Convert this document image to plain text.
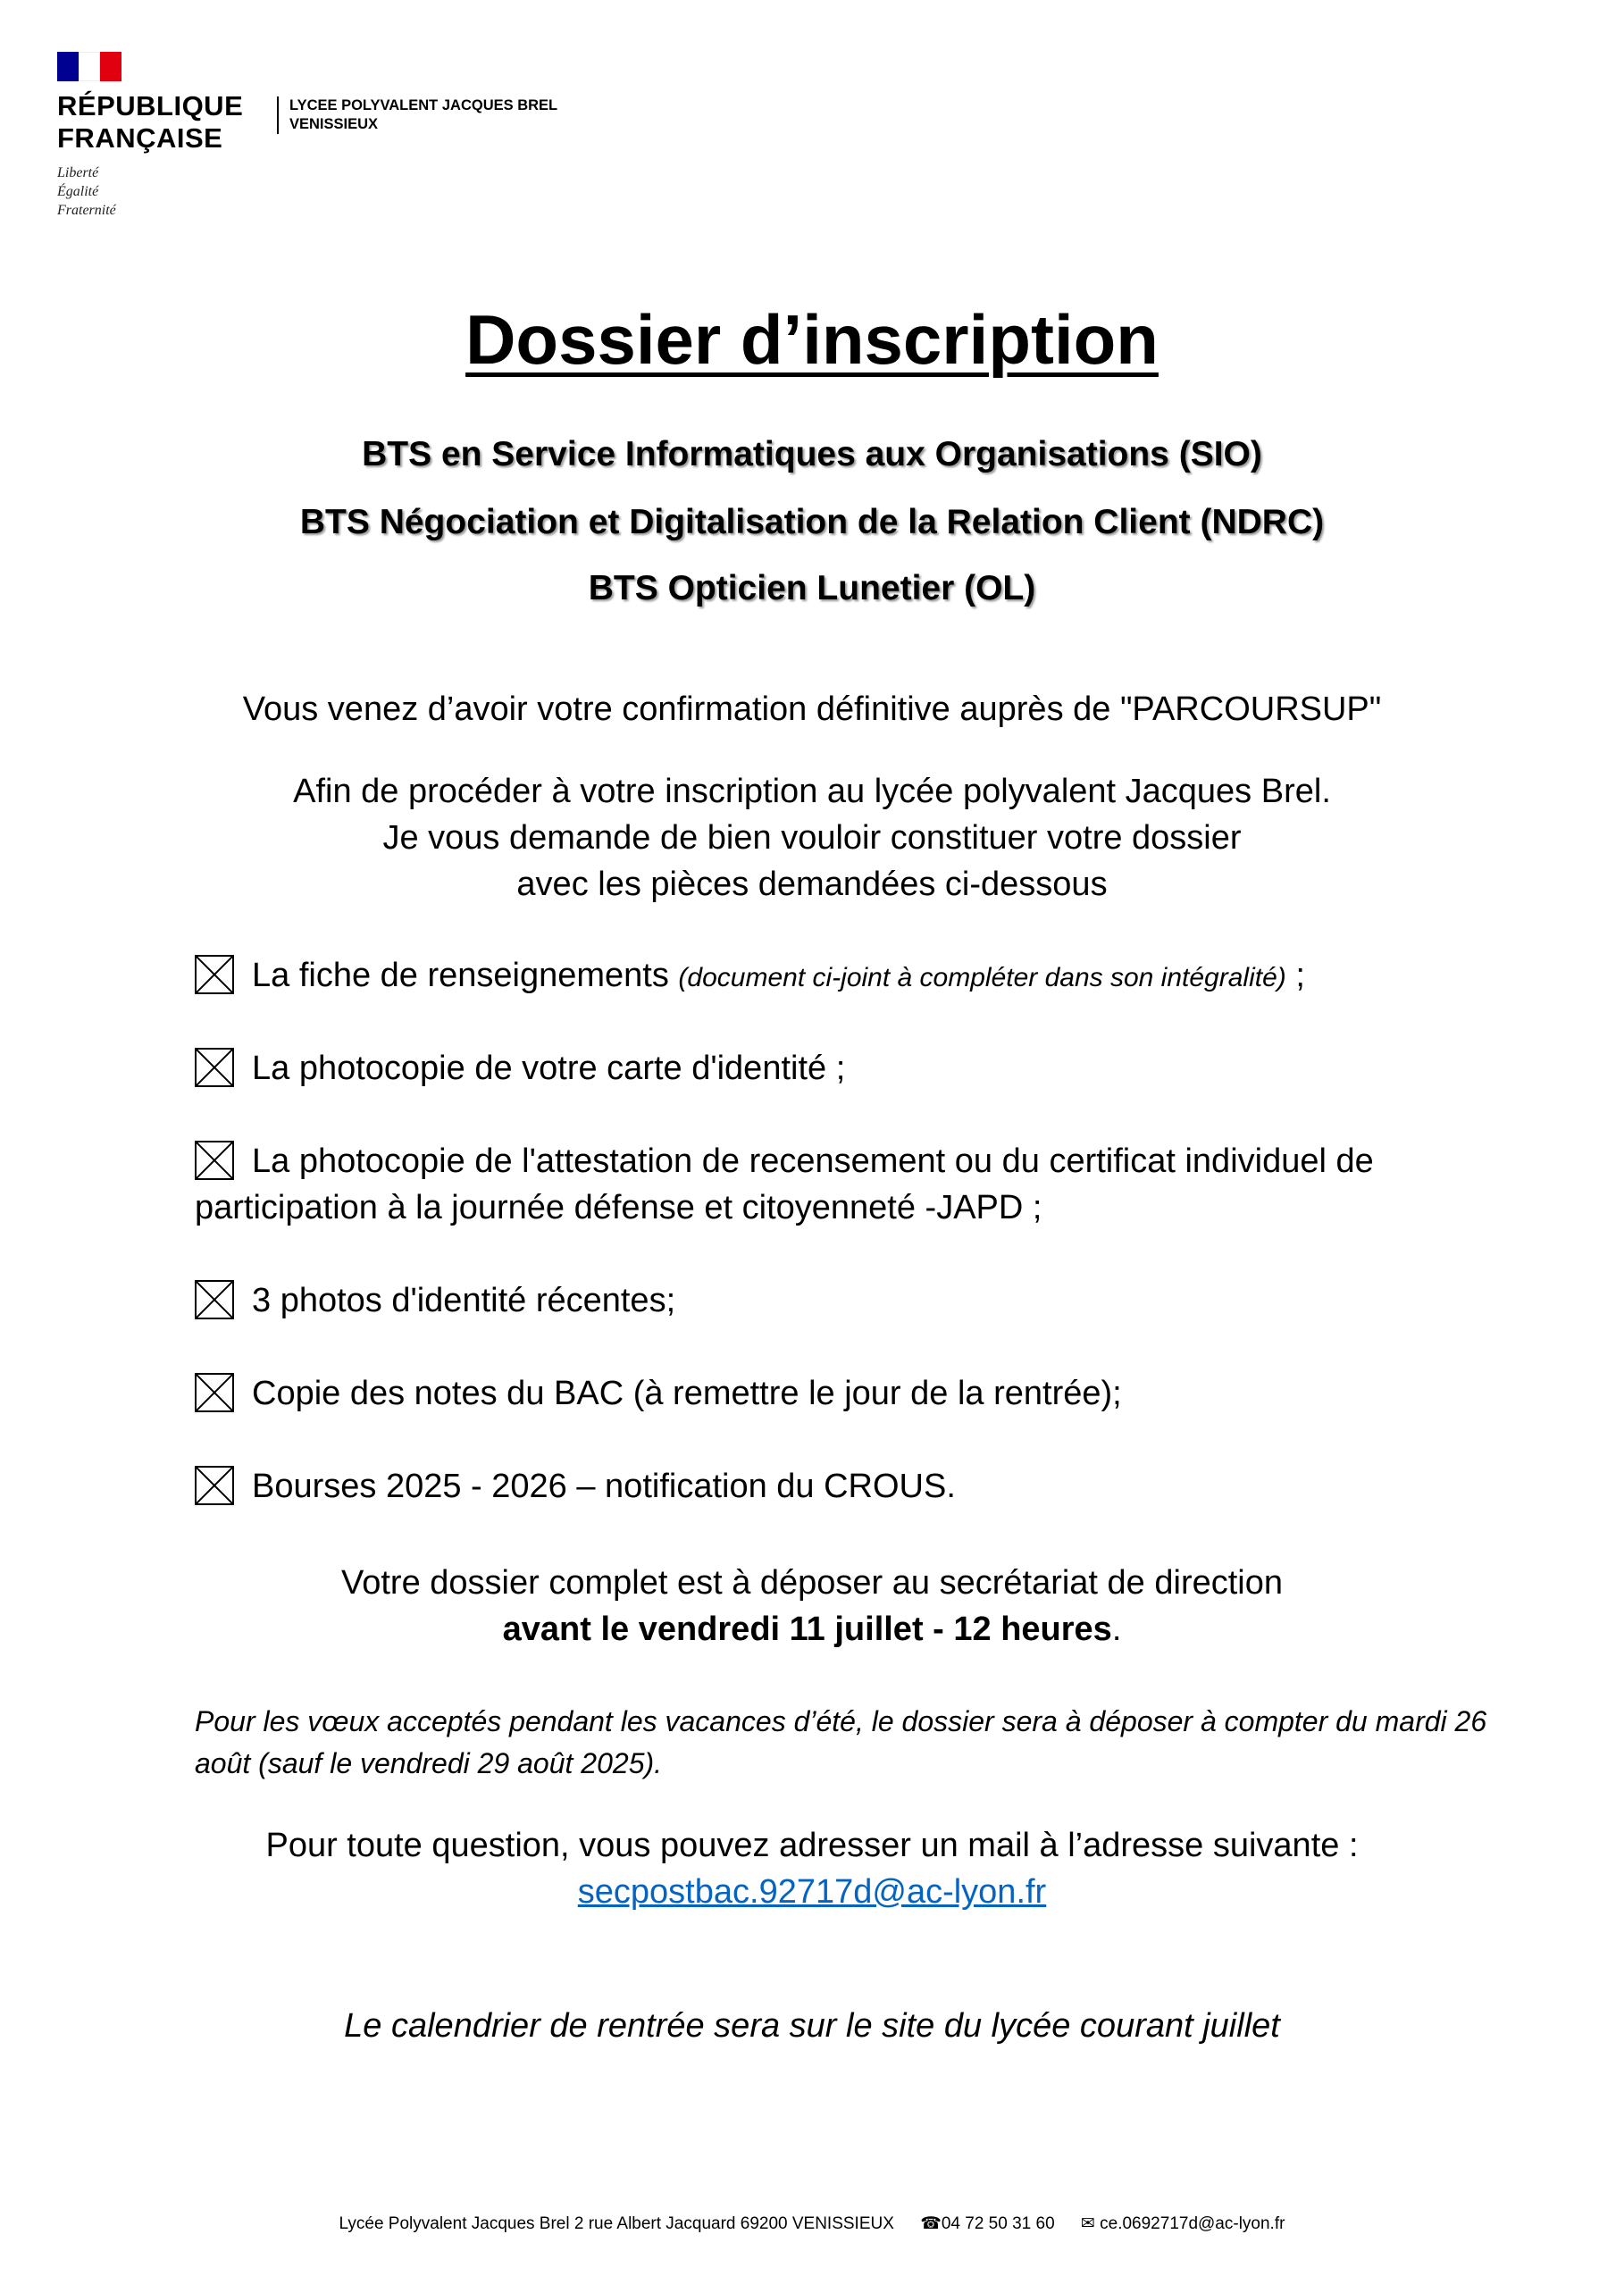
RÉPUBLIQUE
FRANÇAISE
Liberté
Égalité
Fraternité
LYCEE POLYVALENT JACQUES BREL
VENISSIEUX
Dossier d’inscription
BTS en Service Informatiques aux Organisations (SIO)
BTS Négociation et Digitalisation de la Relation Client (NDRC)
BTS Opticien Lunetier (OL)
Vous venez d’avoir votre confirmation définitive auprès de "PARCOURSUP"
Afin de procéder à votre inscription au lycée polyvalent Jacques Brel.
Je vous demande de bien vouloir constituer votre dossier
avec les pièces demandées ci-dessous
La fiche de renseignements (document ci-joint à compléter dans son intégralité) ;
La photocopie de votre carte d'identité ;
La photocopie de l'attestation de recensement ou du certificat individuel de participation à la journée défense et citoyenneté -JAPD ;
3 photos d'identité récentes;
Copie des notes du BAC (à remettre le jour de la rentrée);
Bourses 2025 - 2026 – notification du CROUS.
Votre dossier complet est à déposer au secrétariat de direction
avant le vendredi 11 juillet - 12 heures.
Pour les vœux acceptés pendant les vacances d’été, le dossier sera à déposer à compter du mardi 26 août (sauf le vendredi 29 août 2025).
Pour toute question, vous pouvez adresser un mail à l’adresse suivante :
secpostbac.92717d@ac-lyon.fr
Le calendrier de rentrée sera sur le site du lycée courant juillet
Lycée Polyvalent Jacques Brel 2 rue Albert Jacquard 69200 VENISSIEUX ☎04 72 50 31 60 ✉ ce.0692717d@ac-lyon.fr
